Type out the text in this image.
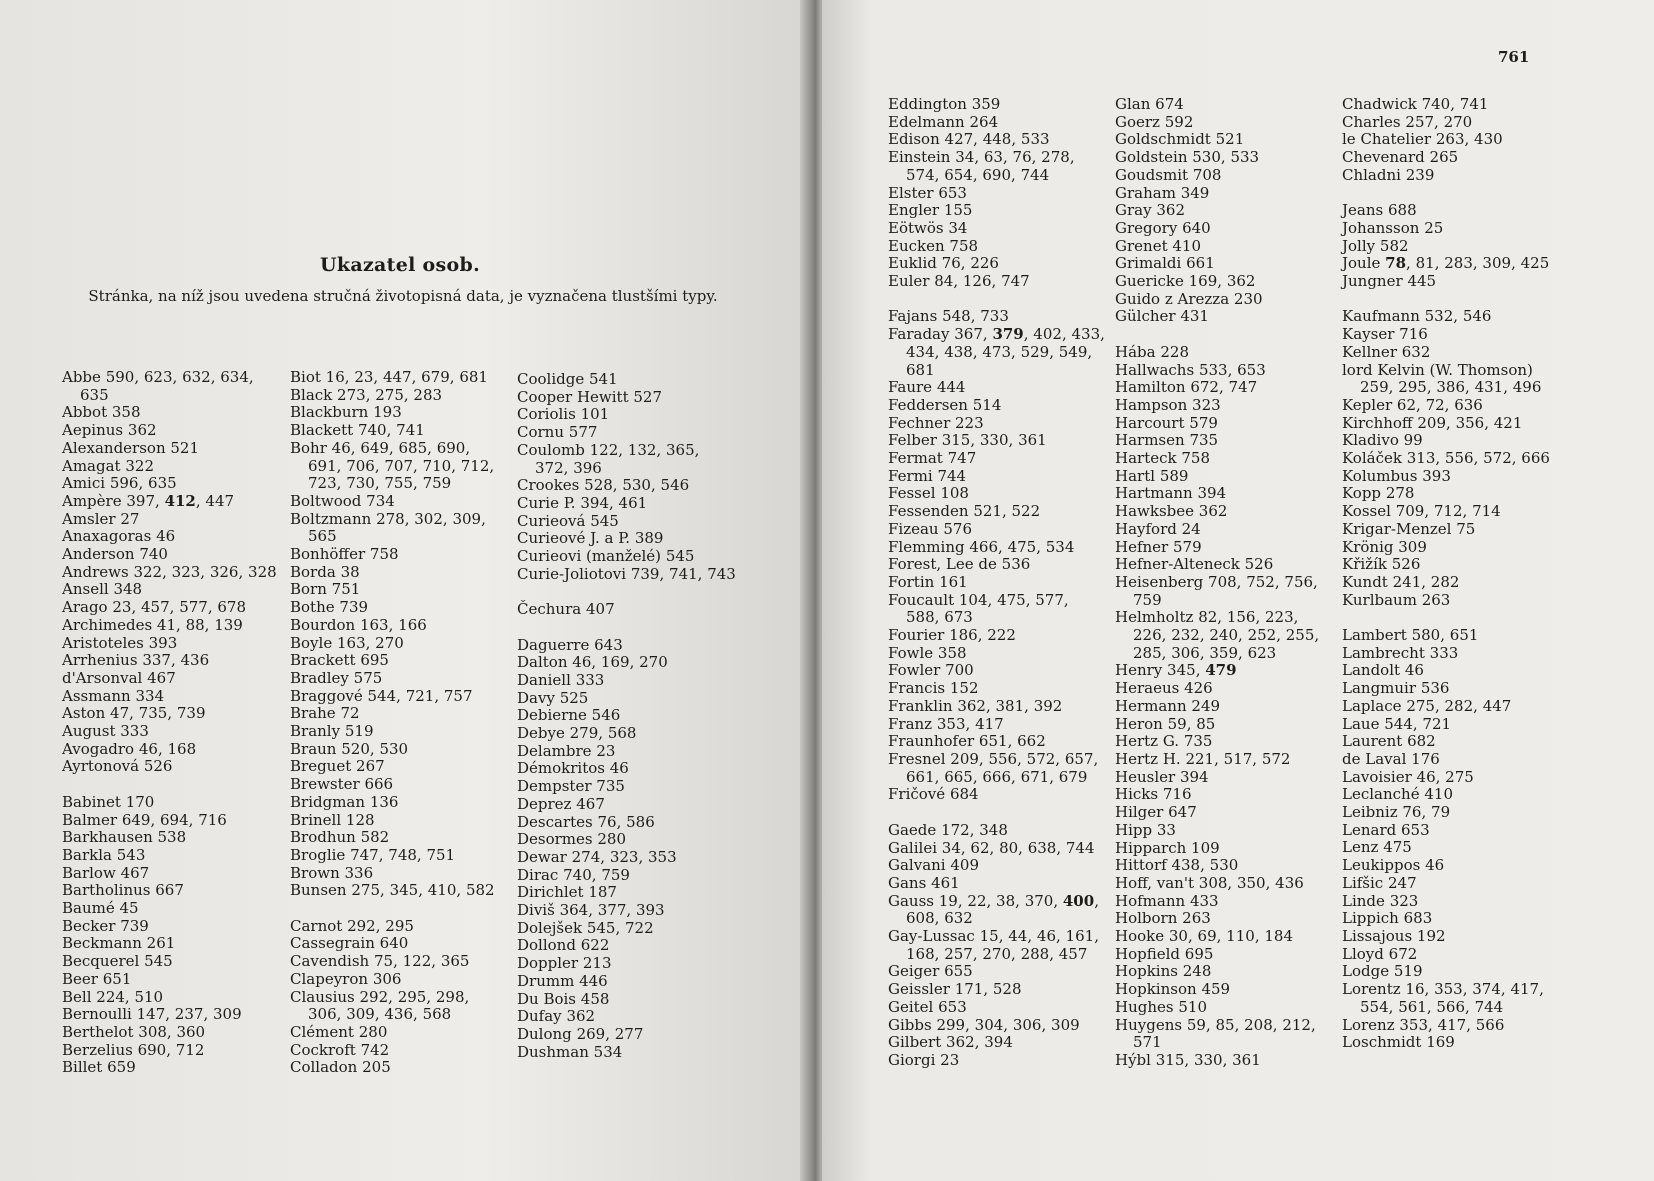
Ukazatel osob.
Stránka, na níž jsou uvedena stručná životopisná data, je vyznačena tlustšími typy.
Abbe 590, 623, 632, 634, 635
Abbot 358
Aepinus 362
Alexanderson 521
Amagat 322
Amici 596, 635
Ampère 397, 412, 447
Amsler 27
Anaxagoras 46
Anderson 740
Andrews 322, 323, 326, 328
Ansell 348
Arago 23, 457, 577, 678
Archimedes 41, 88, 139
Aristoteles 393
Arrhenius 337, 436
d'Arsonval 467
Assmann 334
Aston 47, 735, 739
August 333
Avogadro 46, 168
Ayrtonová 526
Babinet 170
Balmer 649, 694, 716
Barkhausen 538
Barkla 543
Barlow 467
Bartholinus 667
Baumé 45
Becker 739
Beckmann 261
Becquerel 545
Beer 651
Bell 224, 510
Bernoulli 147, 237, 309
Berthelot 308, 360
Berzelius 690, 712
Billet 659
Biot 16, 23, 447, 679, 681
Black 273, 275, 283
Blackburn 193
Blackett 740, 741
Bohr 46, 649, 685, 690, 691, 706, 707, 710, 712, 723, 730, 755, 759
Boltwood 734
Boltzmann 278, 302, 309, 565
Bonhöffer 758
Borda 38
Born 751
Bothe 739
Bourdon 163, 166
Boyle 163, 270
Brackett 695
Bradley 575
Braggové 544, 721, 757
Brahe 72
Branly 519
Braun 520, 530
Breguet 267
Brewster 666
Bridgman 136
Brinell 128
Brodhun 582
Broglie 747, 748, 751
Brown 336
Bunsen 275, 345, 410, 582
Carnot 292, 295
Cassegrain 640
Cavendish 75, 122, 365
Clapeyron 306
Clausius 292, 295, 298, 306, 309, 436, 568
Clément 280
Cockroft 742
Colladon 205
Coolidge 541
Cooper Hewitt 527
Coriolis 101
Cornu 577
Coulomb 122, 132, 365, 372, 396
Crookes 528, 530, 546
Curie P. 394, 461
Curieová 545
Curieové J. a P. 389
Curieovi (manželé) 545
Curie-Joliotovi 739, 741, 743
Čechura 407
Daguerre 643
Dalton 46, 169, 270
Daniell 333
Davy 525
Debierne 546
Debye 279, 568
Delambre 23
Démokritos 46
Dempster 735
Deprez 467
Descartes 76, 586
Desormes 280
Dewar 274, 323, 353
Dirac 740, 759
Dirichlet 187
Diviš 364, 377, 393
Dolejšek 545, 722
Dollond 622
Doppler 213
Drumm 446
Du Bois 458
Dufay 362
Dulong 269, 277
Dushman 534
761
Eddington 359
Edelmann 264
Edison 427, 448, 533
Einstein 34, 63, 76, 278, 574, 654, 690, 744
Elster 653
Engler 155
Eötwös 34
Eucken 758
Euklid 76, 226
Euler 84, 126, 747
Fajans 548, 733
Faraday 367, 379, 402, 433, 434, 438, 473, 529, 549, 681
Faure 444
Feddersen 514
Fechner 223
Felber 315, 330, 361
Fermat 747
Fermi 744
Fessel 108
Fessenden 521, 522
Fizeau 576
Flemming 466, 475, 534
Forest, Lee de 536
Fortin 161
Foucault 104, 475, 577, 588, 673
Fourier 186, 222
Fowle 358
Fowler 700
Francis 152
Franklin 362, 381, 392
Franz 353, 417
Fraunhofer 651, 662
Fresnel 209, 556, 572, 657, 661, 665, 666, 671, 679
Fričové 684
Gaede 172, 348
Galilei 34, 62, 80, 638, 744
Galvani 409
Gans 461
Gauss 19, 22, 38, 370, 400, 608, 632
Gay-Lussac 15, 44, 46, 161, 168, 257, 270, 288, 457
Geiger 655
Geissler 171, 528
Geitel 653
Gibbs 299, 304, 306, 309
Gilbert 362, 394
Giorgi 23
Glan 674
Goerz 592
Goldschmidt 521
Goldstein 530, 533
Goudsmit 708
Graham 349
Gray 362
Gregory 640
Grenet 410
Grimaldi 661
Guericke 169, 362
Guido z Arezza 230
Gülcher 431
Hába 228
Hallwachs 533, 653
Hamilton 672, 747
Hampson 323
Harcourt 579
Harmsen 735
Harteck 758
Hartl 589
Hartmann 394
Hawksbee 362
Hayford 24
Hefner 579
Hefner-Alteneck 526
Heisenberg 708, 752, 756, 759
Helmholtz 82, 156, 223, 226, 232, 240, 252, 255, 285, 306, 359, 623
Henry 345, 479
Heraeus 426
Hermann 249
Heron 59, 85
Hertz G. 735
Hertz H. 221, 517, 572
Heusler 394
Hicks 716
Hilger 647
Hipp 33
Hipparch 109
Hittorf 438, 530
Hoff, van't 308, 350, 436
Hofmann 433
Holborn 263
Hooke 30, 69, 110, 184
Hopfield 695
Hopkins 248
Hopkinson 459
Hughes 510
Huygens 59, 85, 208, 212, 571
Hýbl 315, 330, 361
Chadwick 740, 741
Charles 257, 270
le Chatelier 263, 430
Chevenard 265
Chladni 239
Jeans 688
Johansson 25
Jolly 582
Joule 78, 81, 283, 309, 425
Jungner 445
Kaufmann 532, 546
Kayser 716
Kellner 632
lord Kelvin (W. Thomson) 259, 295, 386, 431, 496
Kepler 62, 72, 636
Kirchhoff 209, 356, 421
Kladivo 99
Koláček 313, 556, 572, 666
Kolumbus 393
Kopp 278
Kossel 709, 712, 714
Krigar-Menzel 75
Krönig 309
Křižík 526
Kundt 241, 282
Kurlbaum 263
Lambert 580, 651
Lambrecht 333
Landolt 46
Langmuir 536
Laplace 275, 282, 447
Laue 544, 721
Laurent 682
de Laval 176
Lavoisier 46, 275
Leclanché 410
Leibniz 76, 79
Lenard 653
Lenz 475
Leukippos 46
Lifšic 247
Linde 323
Lippich 683
Lissajous 192
Lloyd 672
Lodge 519
Lorentz 16, 353, 374, 417, 554, 561, 566, 744
Lorenz 353, 417, 566
Loschmidt 169
